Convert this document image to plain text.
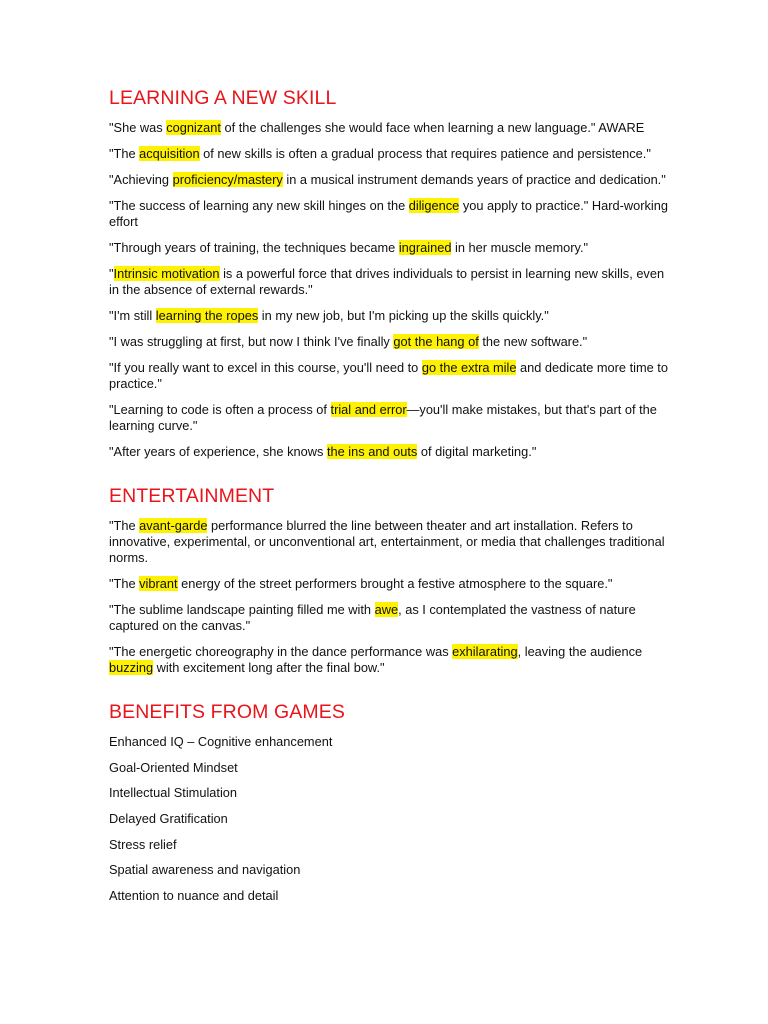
LEARNING A NEW SKILL

"She was cognizant of the challenges she would face when learning a new language." AWARE

"The acquisition of new skills is often a gradual process that requires patience and persistence."

"Achieving proficiency/mastery in a musical instrument demands years of practice and dedication."

"The success of learning any new skill hinges on the diligence you apply to practice." Hard-working effort

"Through years of training, the techniques became ingrained in her muscle memory."

"Intrinsic motivation is a powerful force that drives individuals to persist in learning new skills, even in the absence of external rewards."

"I'm still learning the ropes in my new job, but I'm picking up the skills quickly."

"I was struggling at first, but now I think I've finally got the hang of the new software."

"If you really want to excel in this course, you'll need to go the extra mile and dedicate more time to practice."

"Learning to code is often a process of trial and error—you'll make mistakes, but that's part of the learning curve."

"After years of experience, she knows the ins and outs of digital marketing."

ENTERTAINMENT

"The avant-garde performance blurred the line between theater and art installation. Refers to innovative, experimental, or unconventional art, entertainment, or media that challenges traditional norms.

"The vibrant energy of the street performers brought a festive atmosphere to the square."

"The sublime landscape painting filled me with awe, as I contemplated the vastness of nature captured on the canvas."

"The energetic choreography in the dance performance was exhilarating, leaving the audience buzzing with excitement long after the final bow."

BENEFITS FROM GAMES
Enhanced IQ – Cognitive enhancement
Goal-Oriented Mindset
Intellectual Stimulation
Delayed Gratification
Stress relief
Spatial awareness and navigation
Attention to nuance and detail
